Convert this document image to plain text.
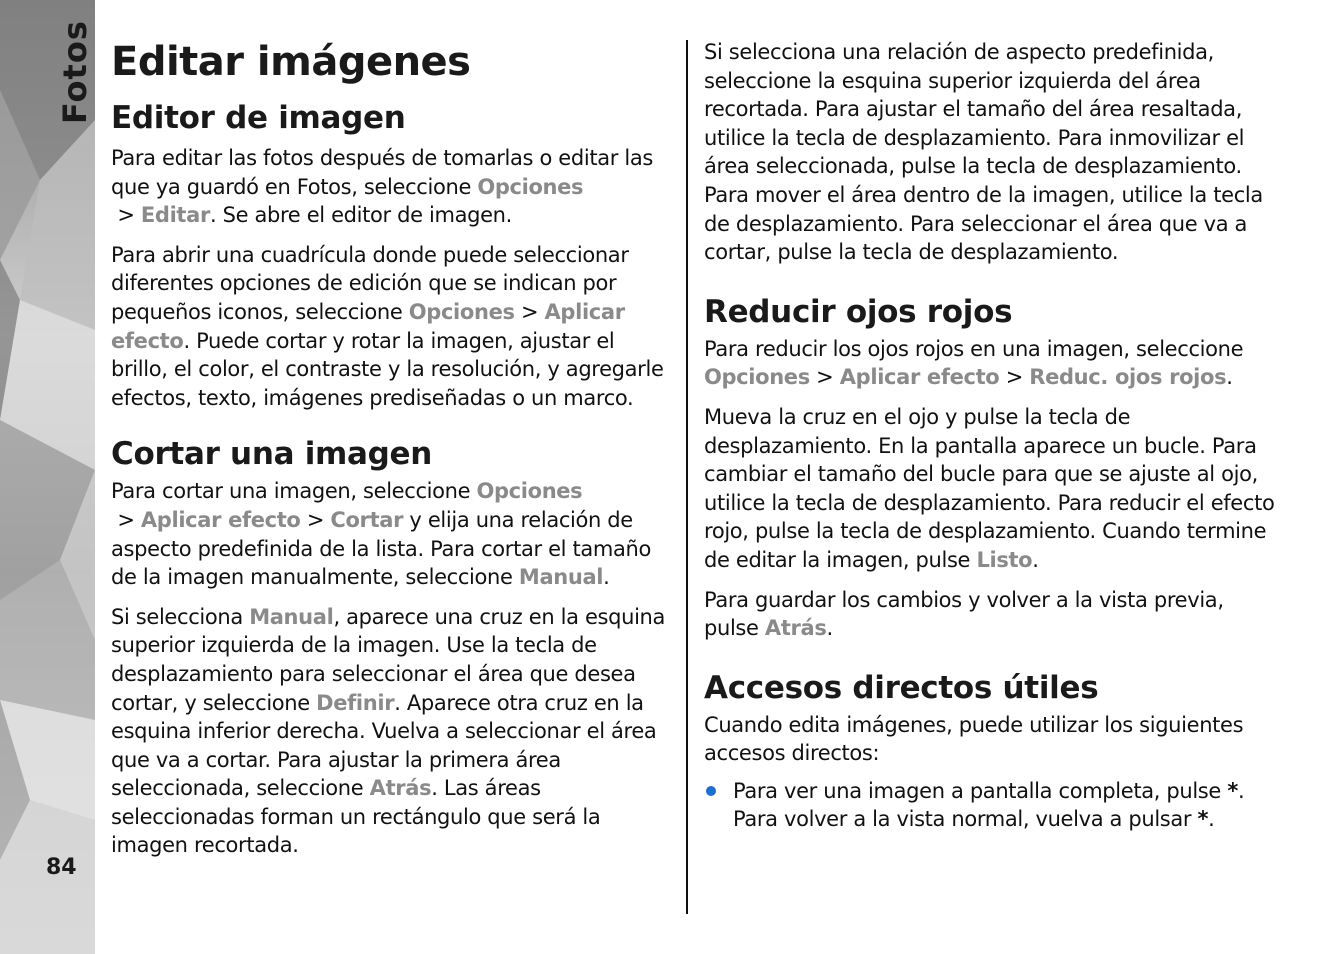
Fotos
84
Editar imágenes
Editor de imagen

Para editar las fotos después de tomarlas o editar las que ya guardó en Fotos, seleccione Opciones > Editar. Se abre el editor de imagen.

Para abrir una cuadrícula donde puede seleccionar diferentes opciones de edición que se indican por pequeños iconos, seleccione Opciones > Aplicar efecto. Puede cortar y rotar la imagen, ajustar el brillo, el color, el contraste y la resolución, y agregarle efectos, texto, imágenes prediseñadas o un marco.

Cortar una imagen

Para cortar una imagen, seleccione Opciones > Aplicar efecto > Cortar y elija una relación de aspecto predefinida de la lista. Para cortar el tamaño de la imagen manualmente, seleccione Manual.

Si selecciona Manual, aparece una cruz en la esquina superior izquierda de la imagen. Use la tecla de desplazamiento para seleccionar el área que desea cortar, y seleccione Definir. Aparece otra cruz en la esquina inferior derecha. Vuelva a seleccionar el área que va a cortar. Para ajustar la primera área seleccionada, seleccione Atrás. Las áreas seleccionadas forman un rectángulo que será la imagen recortada.

Si selecciona una relación de aspecto predefinida, seleccione la esquina superior izquierda del área recortada. Para ajustar el tamaño del área resaltada, utilice la tecla de desplazamiento. Para inmovilizar el área seleccionada, pulse la tecla de desplazamiento. Para mover el área dentro de la imagen, utilice la tecla de desplazamiento. Para seleccionar el área que va a cortar, pulse la tecla de desplazamiento.

Reducir ojos rojos

Para reducir los ojos rojos en una imagen, seleccione Opciones > Aplicar efecto > Reduc. ojos rojos.

Mueva la cruz en el ojo y pulse la tecla de desplazamiento. En la pantalla aparece un bucle. Para cambiar el tamaño del bucle para que se ajuste al ojo, utilice la tecla de desplazamiento. Para reducir el efecto rojo, pulse la tecla de desplazamiento. Cuando termine de editar la imagen, pulse Listo.

Para guardar los cambios y volver a la vista previa, pulse Atrás.

Accesos directos útiles

Cuando edita imágenes, puede utilizar los siguientes accesos directos:

Para ver una imagen a pantalla completa, pulse *. Para volver a la vista normal, vuelva a pulsar *.
